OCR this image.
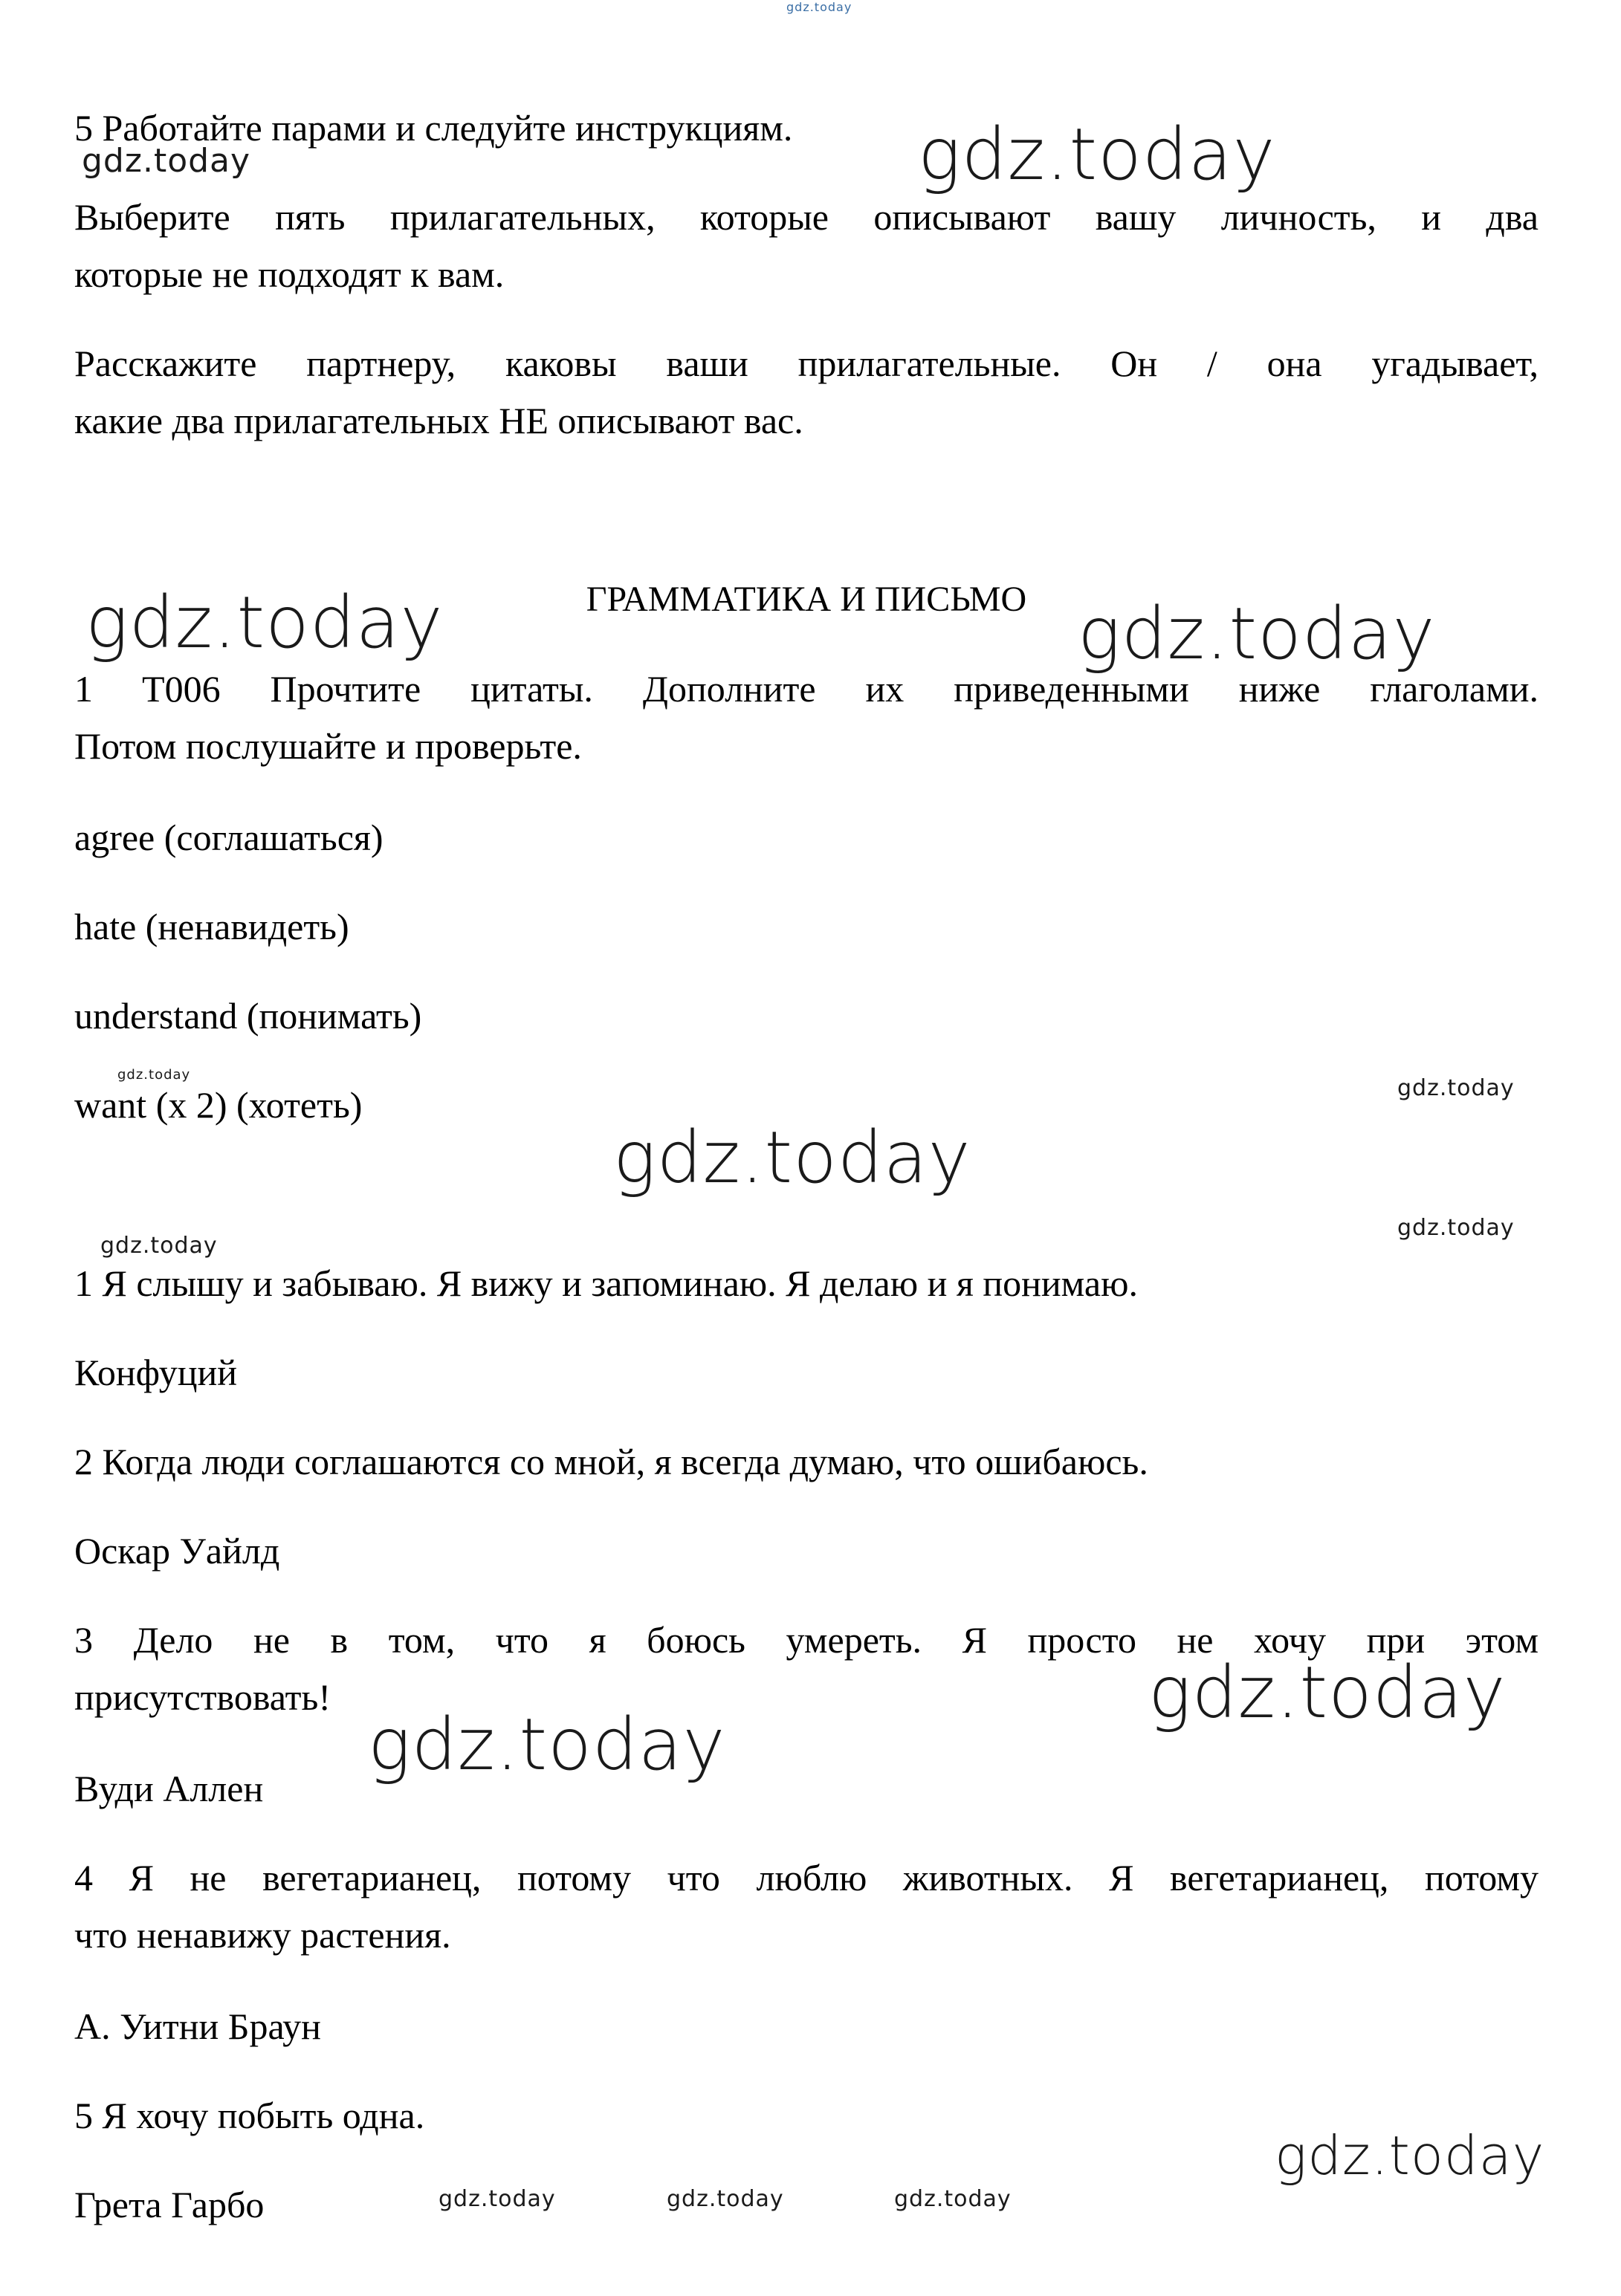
5 Работайте парами и следуйте инструкциям.
Выберите пять прилагательных, которые описывают вашу личность, и два
которые не подходят к вам.
Расскажите партнеру, каковы ваши прилагательные. Он / она угадывает,
какие два прилагательных НЕ описывают вас.
ГРАММАТИКА И ПИСЬМО
1 T006 Прочтите цитаты. Дополните их приведенными ниже глаголами.
Потом послушайте и проверьте.
agree (соглашаться)
hate (ненавидеть)
understand (понимать)
want (x 2) (хотеть)
1 Я слышу и забываю. Я вижу и запоминаю. Я делаю и я понимаю.
Конфуций
2 Когда люди соглашаются со мной, я всегда думаю, что ошибаюсь.
Оскар Уайлд
3 Дело не в том, что я боюсь умереть. Я просто не хочу при этом
присутствовать!
Вуди Аллен
4 Я не вегетарианец, потому что люблю животных. Я вегетарианец, потому
что ненавижу растения.
А. Уитни Браун
5 Я хочу побыть одна.
Грета Гарбо
gdz.today
gdz.today
gdz.today
gdz.today	gdz.today
gdz.today
gdz.today
gdz.today
gdz.today
gdz.today
gdz.today
gdz.today
gdz.today
gdz.today	gdz.today	gdz.today
